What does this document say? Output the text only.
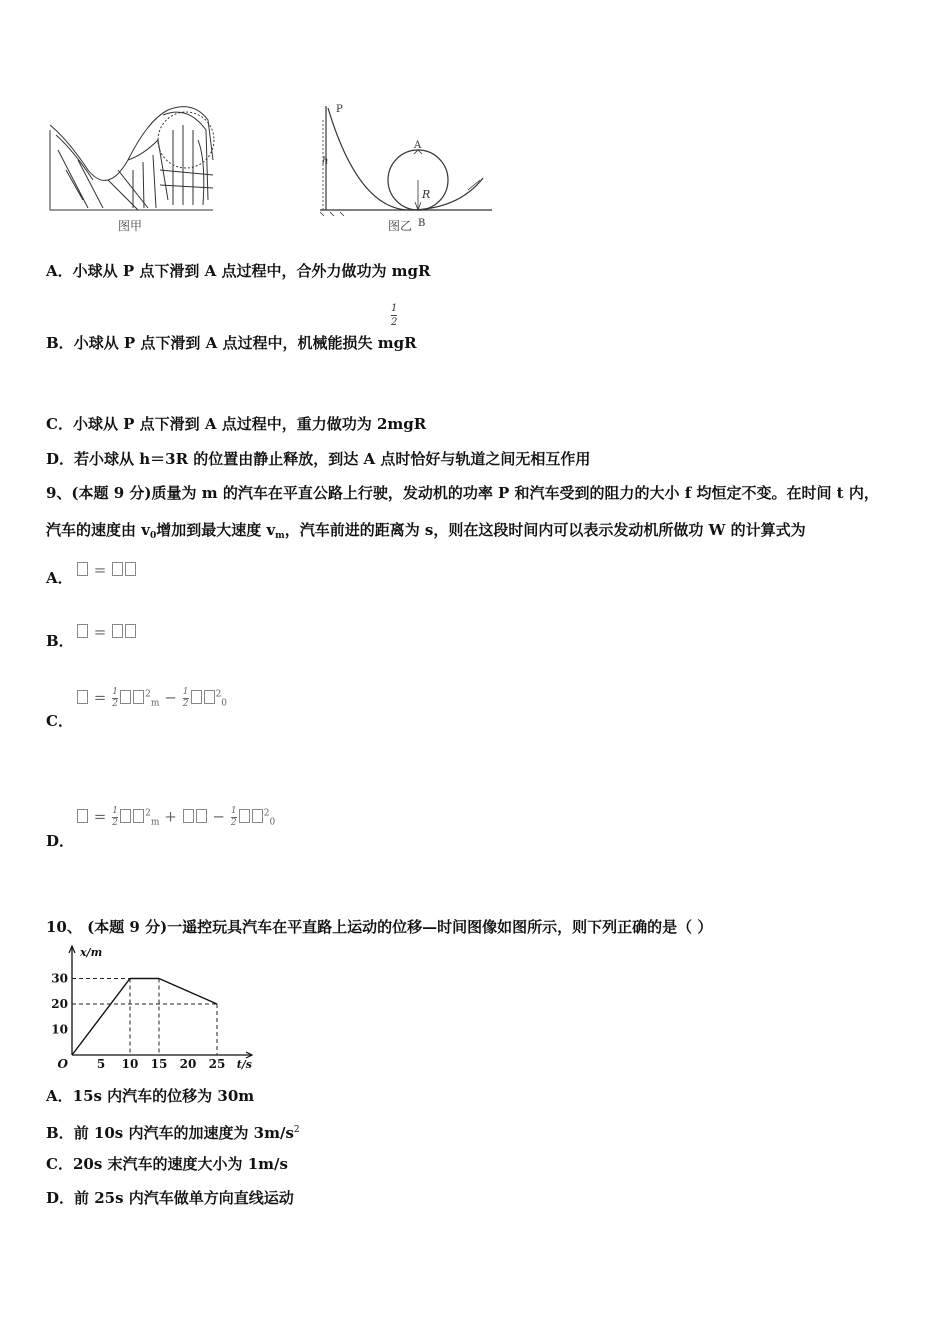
图甲
P
h
A
R
B
图乙
A．小球从 P 点下滑到 A 点过程中，合外力做功为 mgR
1
2
B．小球从 P 点下滑到 A 点过程中，机械能损失 mgR
C．小球从 P 点下滑到 A 点过程中，重力做功为 2mgR
D．若小球从 h＝3R 的位置由静止释放，到达 A 点时恰好与轨道之间无相互作用
9、(本题 9 分)质量为 m 的汽车在平直公路上行驶，发动机的功率 P 和汽车受到的阻力的大小 f 均恒定不变。在时间 t 内，
汽车的速度由 $v_0$增加到最大速度 $v_m$，汽车前进的距离为 s，则在这段时间内可以表示发动机所做功 W 的计算式为
=
A．
=
B．
= $\frac{1}{2}$	$^2_m - \frac{1}{2}$	$^2_0$
C．
= $\frac{1}{2}$	$^2_m$ + − $\frac{1}{2}$	$^2_0$
D．
10、 (本题 9 分)一遥控玩具汽车在平直路上运动的位移—时间图像如图所示，则下列正确的是（ ）
5 10 15 20 25
10
20
30
O	t/s
x/m
A．15s 内汽车的位移为 30m
B．前 10s 内汽车的加速度为 $3m/s^2$
C．20s 末汽车的速度大小为 1m/s
D．前 25s 内汽车做单方向直线运动
